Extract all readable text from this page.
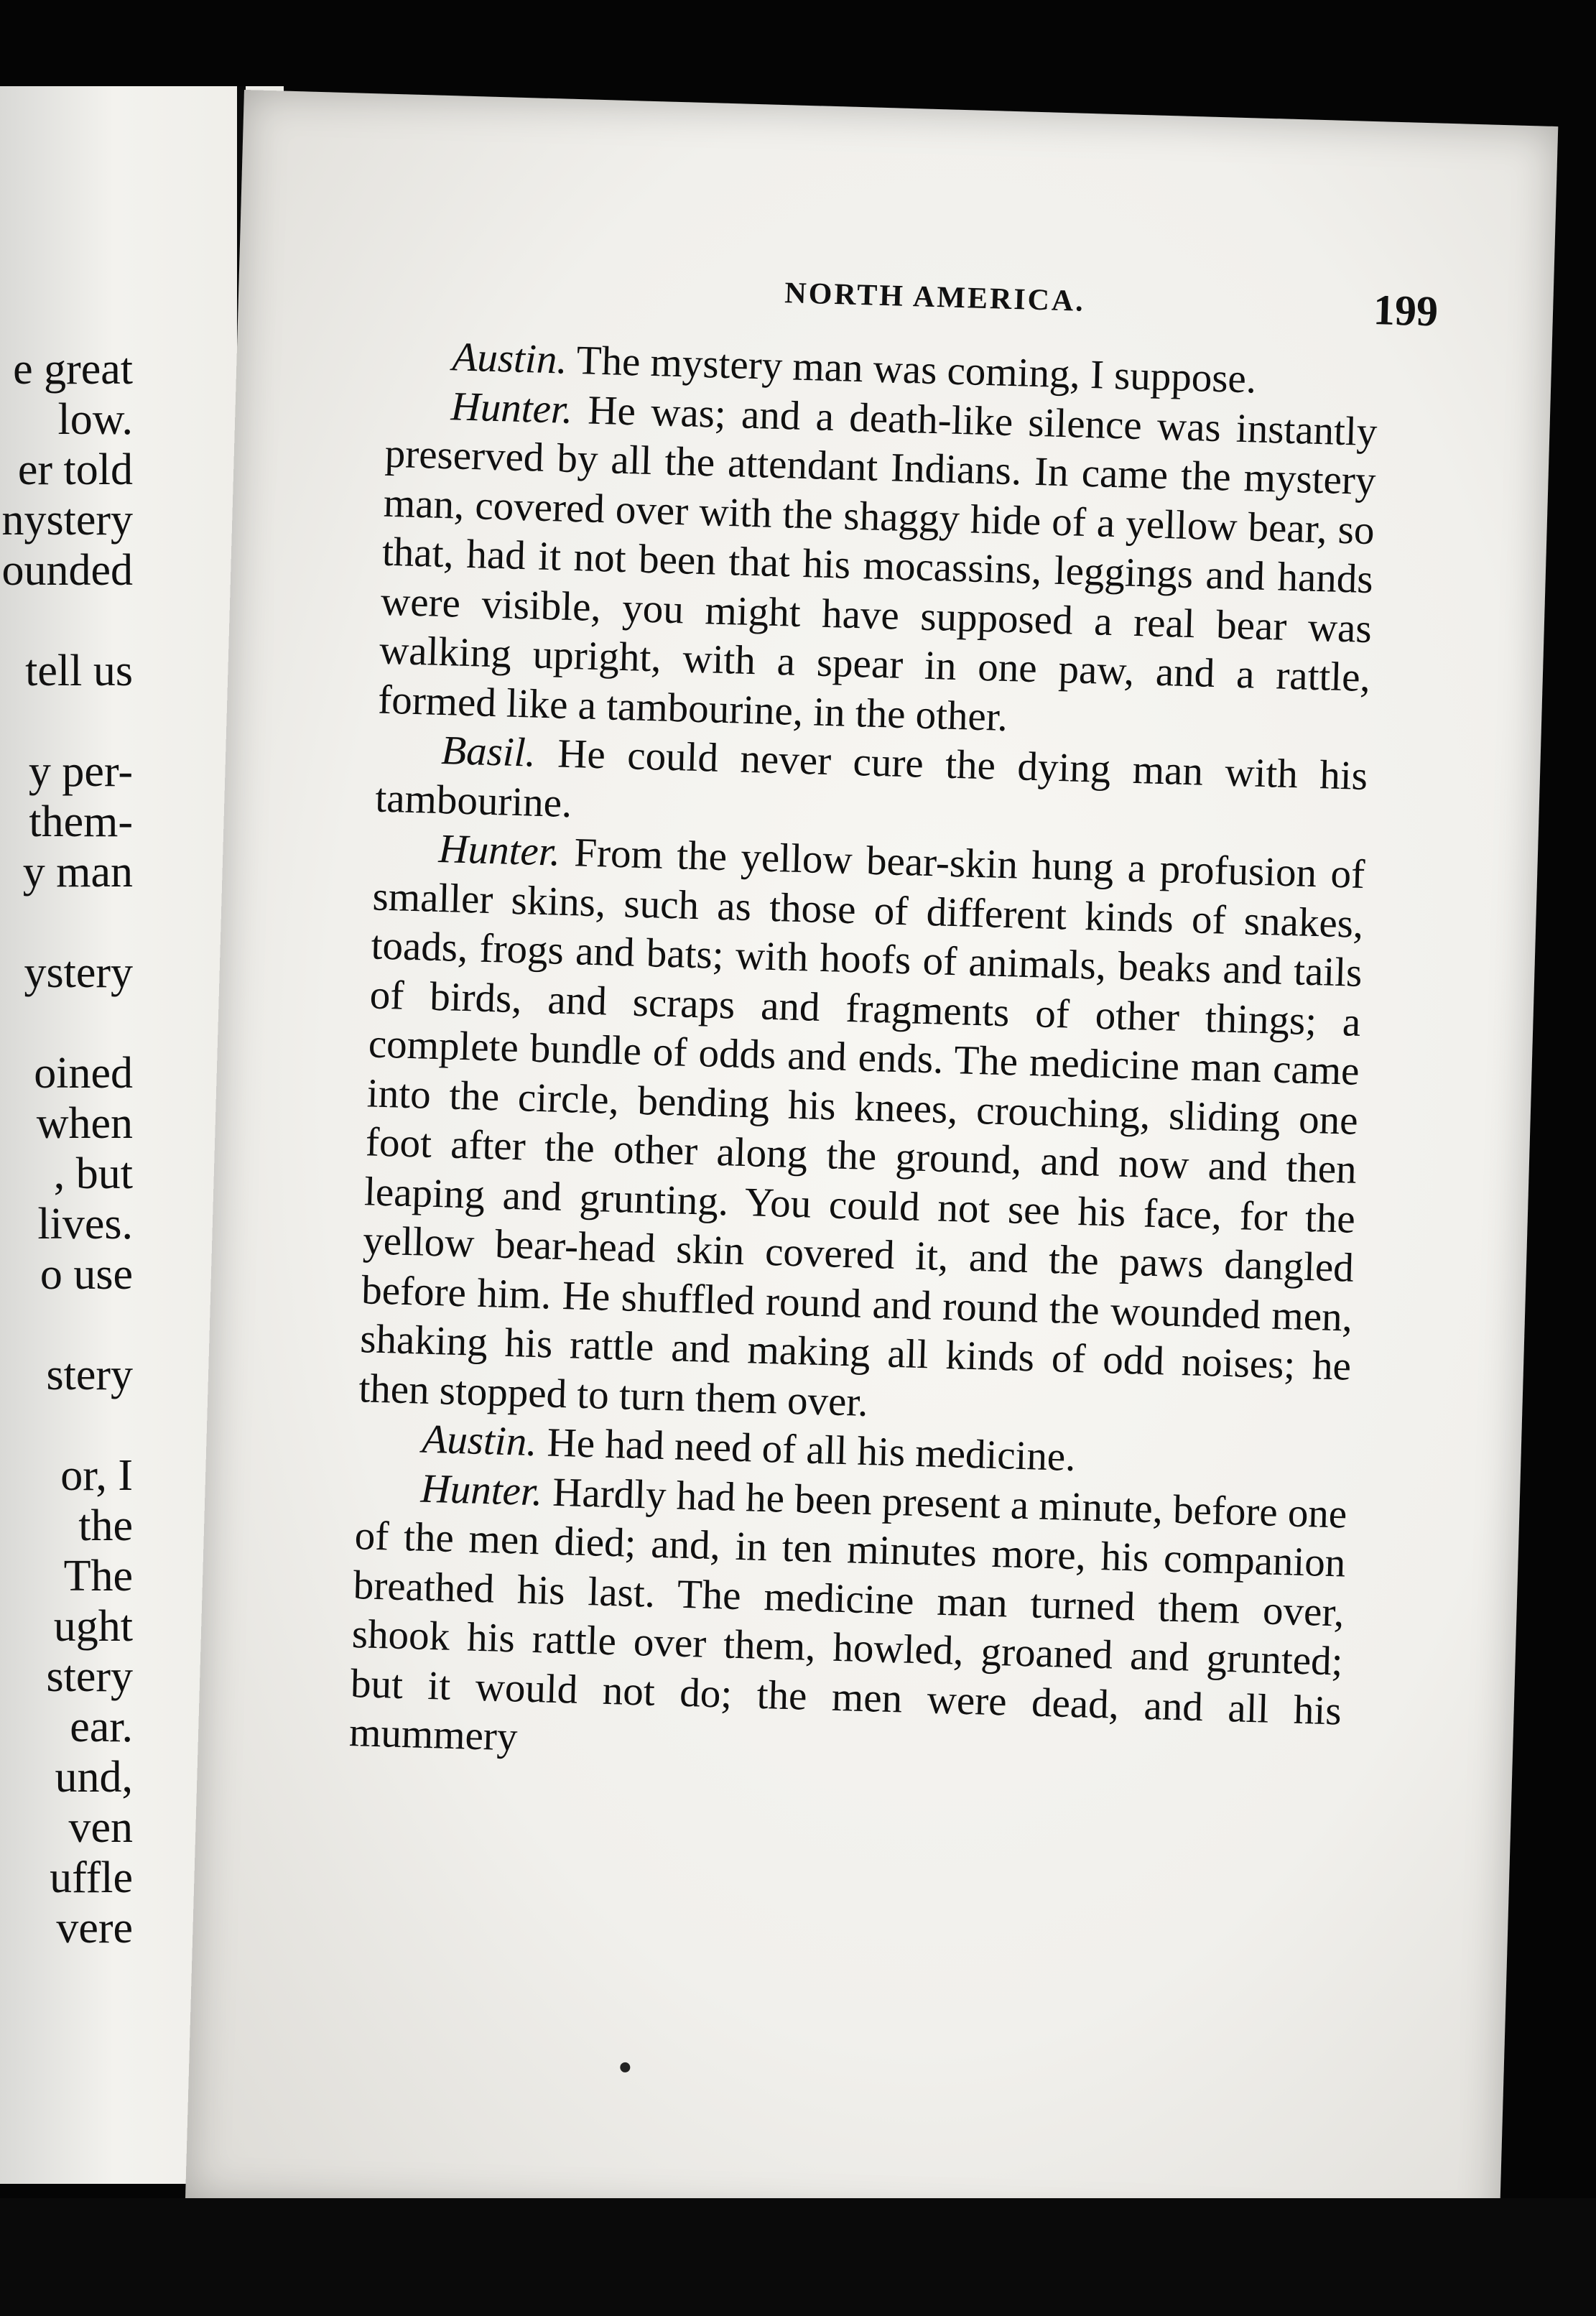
e great
low.
er told
nystery
ounded
tell us
y per-
them-
y man
ystery
oined
when
, but
lives.
o use
stery
or, I
the
The
ught
stery
ear.
und,
ven
uffle
vere
NORTH AMERICA.	199

Austin. The mystery man was coming, I suppose.

Hunter. He was; and a death-like silence was instantly preserved by all the attendant Indians. In came the mystery man, covered over with the shaggy hide of a yellow bear, so that, had it not been that his mocassins, leggings and hands were visible, you might have supposed a real bear was walking upright, with a spear in one paw, and a rattle, formed like a tambourine, in the other.

Basil. He could never cure the dying man with his tambourine.

Hunter. From the yellow bear-skin hung a profusion of smaller skins, such as those of different kinds of snakes, toads, frogs and bats; with hoofs of animals, beaks and tails of birds, and scraps and fragments of other things; a complete bundle of odds and ends. The medicine man came into the circle, bending his knees, crouching, sliding one foot after the other along the ground, and now and then leaping and grunting. You could not see his face, for the yellow bear-head skin covered it, and the paws dangled before him. He shuffled round and round the wounded men, shaking his rattle and making all kinds of odd noises; he then stopped to turn them over.

Austin. He had need of all his medicine.

Hunter. Hardly had he been present a minute, before one of the men died; and, in ten minutes more, his companion breathed his last. The medicine man turned them over, shook his rattle over them, howled, groaned and grunted; but it would not do; the men were dead, and all his mummery
